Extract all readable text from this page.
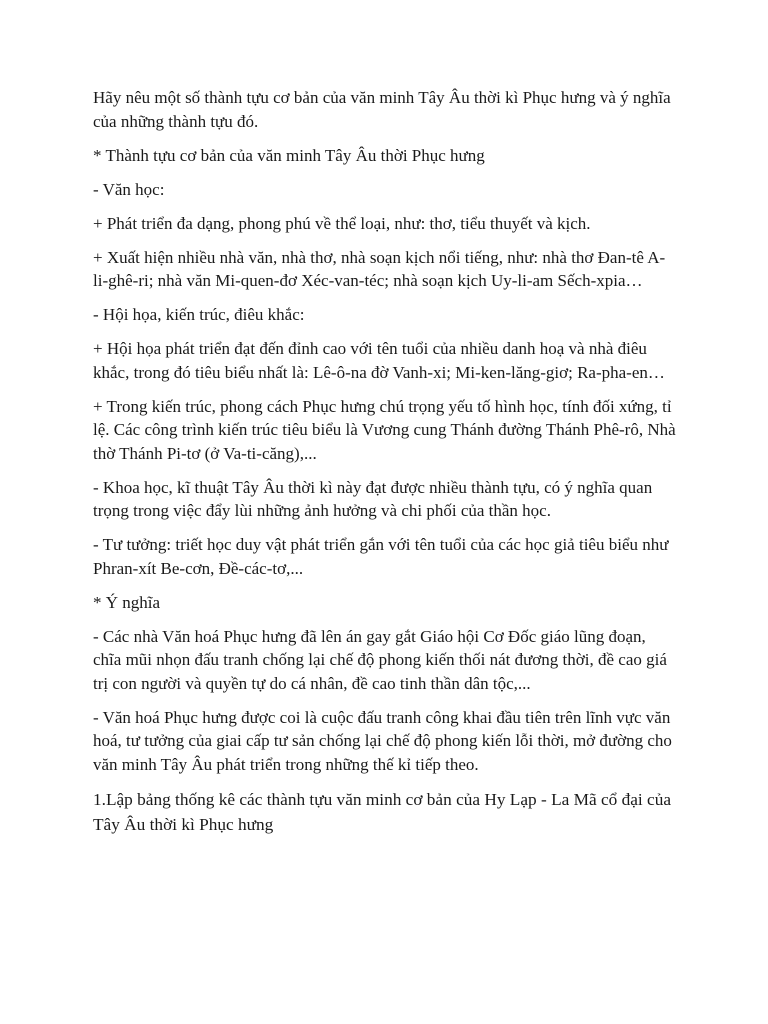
Hãy nêu một số thành tựu cơ bản của văn minh Tây Âu thời kì Phục hưng và ý nghĩa của những thành tựu đó.

* Thành tựu cơ bản của văn minh Tây Âu thời Phục hưng

- Văn học:

+ Phát triển đa dạng, phong phú về thể loại, như: thơ, tiểu thuyết và kịch.

+ Xuất hiện nhiều nhà văn, nhà thơ, nhà soạn kịch nổi tiếng, như: nhà thơ Đan-tê A-li-ghê-ri; nhà văn Mi-quen-đơ Xéc-van-téc; nhà soạn kịch Uy-li-am Sếch-xpia…

- Hội họa, kiến trúc, điêu khắc:

+ Hội họa phát triển đạt đến đỉnh cao với tên tuổi của nhiều danh hoạ và nhà điêu khắc, trong đó tiêu biểu nhất là: Lê-ô-na đờ Vanh-xi; Mi-ken-lăng-giơ; Ra-pha-en…

+ Trong kiến trúc, phong cách Phục hưng chú trọng yếu tố hình học, tính đối xứng, tỉ lệ. Các công trình kiến trúc tiêu biểu là Vương cung Thánh đường Thánh Phê-rô, Nhà thờ Thánh Pi-tơ (ở Va-ti-căng),...

- Khoa học, kĩ thuật Tây Âu thời kì này đạt được nhiều thành tựu, có ý nghĩa quan trọng trong việc đẩy lùi những ảnh hưởng và chi phối của thần học.

- Tư tưởng: triết học duy vật phát triển gắn với tên tuổi của các học giả tiêu biểu như Phran-xít Be-cơn, Đề-các-tơ,...

* Ý nghĩa

- Các nhà Văn hoá Phục hưng đã lên án gay gắt Giáo hội Cơ Đốc giáo lũng đoạn, chĩa mũi nhọn đấu tranh chống lại chế độ phong kiến thối nát đương thời, đề cao giá trị con người và quyền tự do cá nhân, đề cao tinh thần dân tộc,...

- Văn hoá Phục hưng được coi là cuộc đấu tranh công khai đầu tiên trên lĩnh vực văn hoá, tư tưởng của giai cấp tư sản chống lại chế độ phong kiến lỗi thời, mở đường cho văn minh Tây Âu phát triển trong những thế kỉ tiếp theo.

1.Lập bảng thống kê các thành tựu văn minh cơ bản của Hy Lạp - La Mã cổ đại của Tây Âu thời kì Phục hưng
